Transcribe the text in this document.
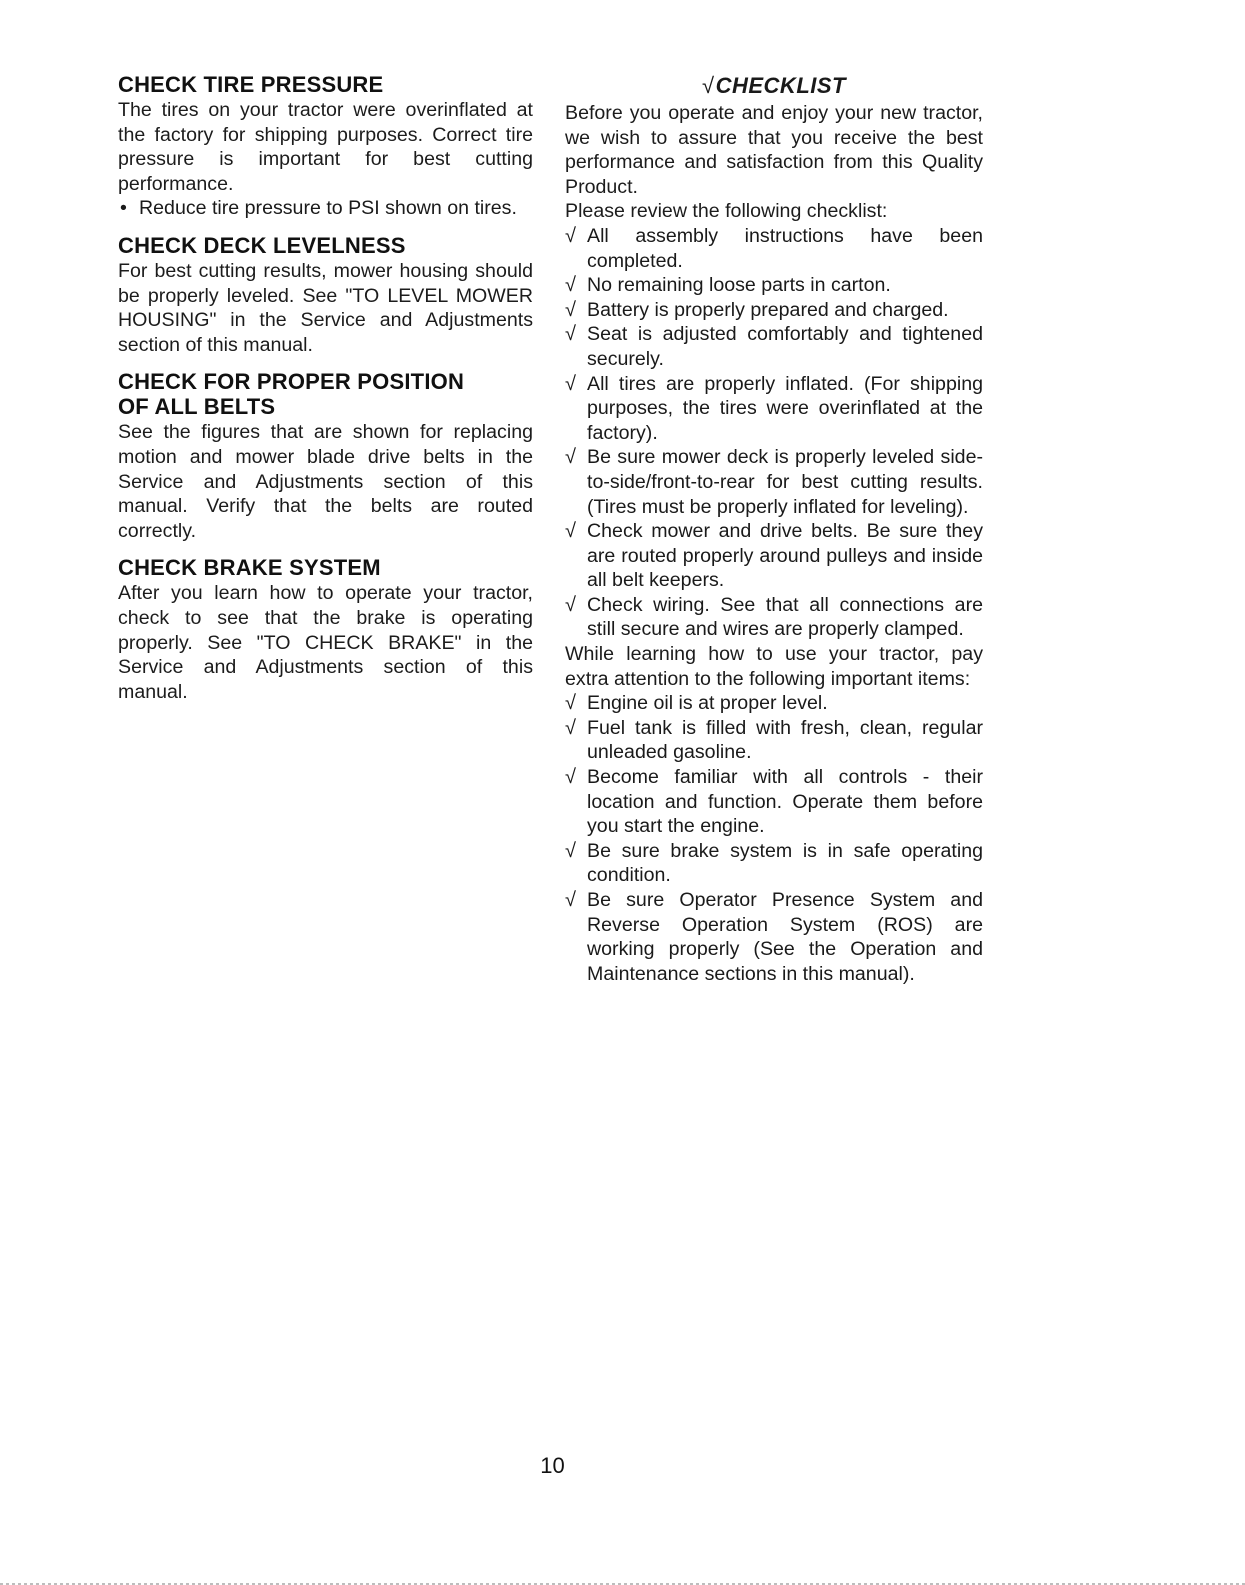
CHECK TIRE PRESSURE

The tires on your tractor were overinflated at the factory for shipping purposes. Correct tire pressure is important for best cutting performance.

• Reduce tire pressure to PSI shown on tires.
CHECK DECK LEVELNESS

For best cutting results, mower housing should be properly leveled. See "TO LEVEL MOWER HOUSING" in the Service and Adjustments section of this manual.

CHECK FOR PROPER POSITION
OF ALL BELTS

See the figures that are shown for replacing motion and mower blade drive belts in the Service and Adjustments section of this manual. Verify that the belts are routed correctly.

CHECK BRAKE SYSTEM

After you learn how to operate your tractor, check to see that the brake is operating properly. See "TO CHECK BRAKE" in the Service and Adjustments section of this manual.

√CHECKLIST

Before you operate and enjoy your new tractor, we wish to assure that you receive the best performance and satisfaction from this Quality Product.

Please review the following checklist:

√ All assembly instructions have been completed.
√ No remaining loose parts in carton.
√ Battery is properly prepared and charged.
√ Seat is adjusted comfortably and tightened securely.
√ All tires are properly inflated. (For shipping purposes, the tires were overinflated at the factory).
√ Be sure mower deck is properly leveled side-to-side/front-to-rear for best cutting results. (Tires must be properly inflated for leveling).
√ Check mower and drive belts. Be sure they are routed properly around pulleys and inside all belt keepers.
√ Check wiring. See that all connections are still secure and wires are properly clamped.

While learning how to use your tractor, pay extra attention to the following important items:

√ Engine oil is at proper level.
√ Fuel tank is filled with fresh, clean, regular unleaded gasoline.
√ Become familiar with all controls - their location and function. Operate them before you start the engine.
√ Be sure brake system is in safe operating condition.
√ Be sure Operator Presence System and Reverse Operation System (ROS) are working properly (See the Operation and Maintenance sections in this manual).
10
